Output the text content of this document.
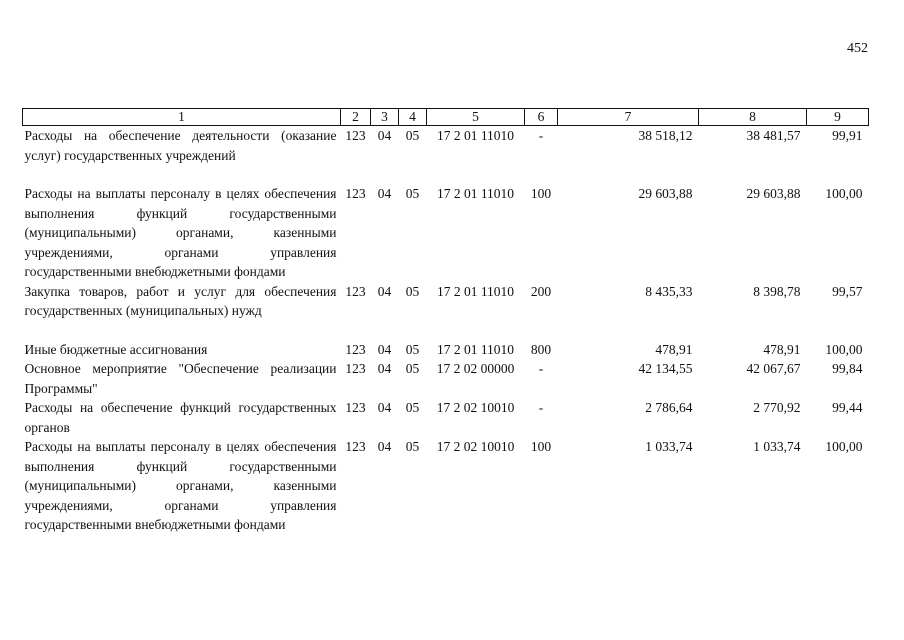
452
1	2	3	4	5	6	7	8	9
Расходы на обеспечение деятельности (оказание услуг) государственных учреждений	123	04	05	17 2 01 11010	-	38 518,12	38 481,57	99,91
Расходы на выплаты персоналу в целях обеспечения выполнения функций государственными (муниципальными) органами, казенными учреждениями, органами управления государственными внебюджетными фондами	123	04	05	17 2 01 11010	100	29 603,88	29 603,88	100,00
Закупка товаров, работ и услуг для обеспечения государственных (муниципальных) нужд	123	04	05	17 2 01 11010	200	8 435,33	8 398,78	99,57
Иные бюджетные ассигнования	123	04	05	17 2 01 11010	800	478,91	478,91	100,00
Основное мероприятие "Обеспечение реализации Программы"	123	04	05	17 2 02 00000	-	42 134,55	42 067,67	99,84
Расходы на обеспечение функций государственных органов	123	04	05	17 2 02 10010	-	2 786,64	2 770,92	99,44
Расходы на выплаты персоналу в целях обеспечения выполнения функций государственными (муниципальными) органами, казенными учреждениями, органами управления государственными внебюджетными фондами	123	04	05	17 2 02 10010	100	1 033,74	1 033,74	100,00
